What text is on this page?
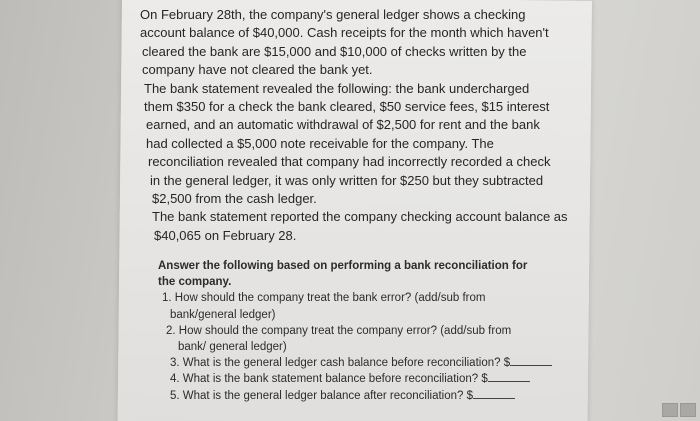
On February 28th, the company's general ledger shows a checking
account balance of $40,000. Cash receipts for the month which haven't
cleared the bank are $15,000 and $10,000 of checks written by the
company have not cleared the bank yet.
The bank statement revealed the following: the bank undercharged
them $350 for a check the bank cleared, $50 service fees, $15 interest
earned, and an automatic withdrawal of $2,500 for rent and the bank
had collected a $5,000 note receivable for the company. The
reconciliation revealed that company had incorrectly recorded a check
in the general ledger, it was only written for $250 but they subtracted
$2,500 from the cash ledger.
The bank statement reported the company checking account balance as
$40,065 on February 28.

Answer the following based on performing a bank reconciliation for
the company.
1. How should the company treat the bank error? (add/sub from
bank/general ledger)
2. How should the company treat the company error? (add/sub from
bank/ general ledger)
3. What is the general ledger cash balance before reconciliation? $
4. What is the bank statement balance before reconciliation? $
5. What is the general ledger balance after reconciliation? $
